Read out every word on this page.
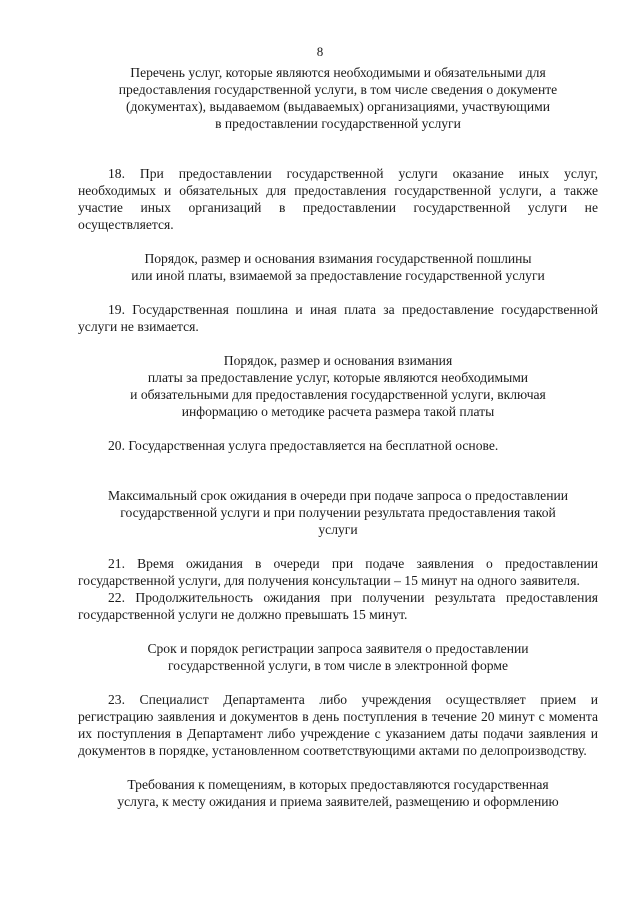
8
Перечень услуг, которые являются необходимыми и обязательными для
предоставления государственной услуги, в том числе сведения о документе
(документах), выдаваемом (выдаваемых) организациями, участвующими
в предоставлении государственной услуги

18. При предоставлении государственной услуги оказание иных услуг, необходимых и обязательных для предоставления государственной услуги, а также участие иных организаций в предоставлении государственной услуги не осуществляется.

Порядок, размер и основания взимания государственной пошлины
или иной платы, взимаемой за предоставление государственной услуги

19. Государственная пошлина и иная плата за предоставление государственной услуги не взимается.

Порядок, размер и основания взимания
платы за предоставление услуг, которые являются необходимыми
и обязательными для предоставления государственной услуги, включая
информацию о методике расчета размера такой платы

20. Государственная услуга предоставляется на бесплатной основе.

Максимальный срок ожидания в очереди при подаче запроса о предоставлении
государственной услуги и при получении результата предоставления такой
услуги

21. Время ожидания в очереди при подаче заявления о предоставлении государственной услуги, для получения консультации – 15 минут на одного заявителя.

22. Продолжительность ожидания при получении результата предоставления государственной услуги не должно превышать 15 минут.

Срок и порядок регистрации запроса заявителя о предоставлении
государственной услуги, в том числе в электронной форме

23. Специалист Департамента либо учреждения осуществляет прием и регистрацию заявления и документов в день поступления в течение 20 минут с момента их поступления в Департамент либо учреждение с указанием даты подачи заявления и документов в порядке, установленном соответствующими актами по делопроизводству.

Требования к помещениям, в которых предоставляются государственная
услуга, к месту ожидания и приема заявителей, размещению и оформлению
